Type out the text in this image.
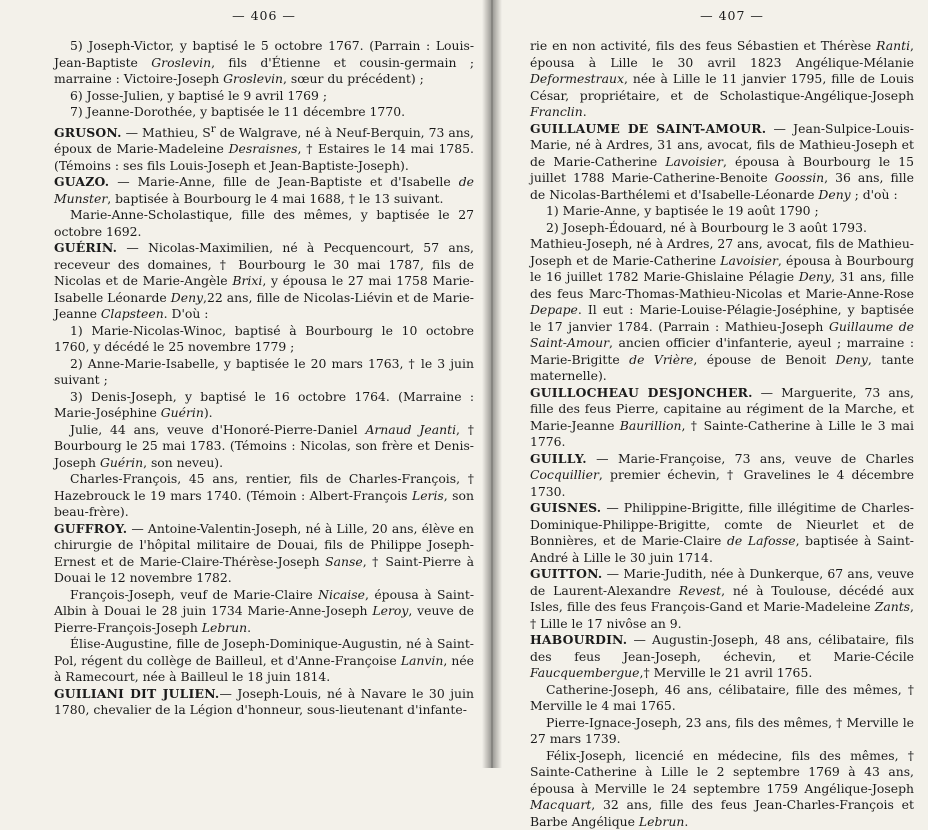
— 406 —

5) Joseph-Victor, y baptisé le 5 octobre 1767. (Parrain : Louis-Jean-Baptiste Groslevin, fils d'Étienne et cousin-germain ; marraine : Victoire-Joseph Groslevin, sœur du précédent) ;

6) Josse-Julien, y baptisé le 9 avril 1769 ;

7) Jeanne-Dorothée, y baptisée le 11 décembre 1770.

GRUSON. — Mathieu, $S^r$ de Walgrave, né à Neuf-Berquin, 73 ans, époux de Marie-Madeleine Desraisnes, † Estaires le 14 mai 1785. (Témoins : ses fils Louis-Joseph et Jean-Baptiste-Joseph).

GUAZO. — Marie-Anne, fille de Jean-Baptiste et d'Isabelle de Munster, baptisée à Bourbourg le 4 mai 1688, † le 13 suivant.

Marie-Anne-Scholastique, fille des mêmes, y baptisée le 27 octobre 1692.

GUÉRIN. — Nicolas-Maximilien, né à Pecquencourt, 57 ans, receveur des domaines, † Bourbourg le 30 mai 1787, fils de Nicolas et de Marie-Angèle Brixi, y épousa le 27 mai 1758 Marie-Isabelle Léonarde Deny,22 ans, fille de Nicolas-Liévin et de Marie-Jeanne Clapsteen. D'où :

1) Marie-Nicolas-Winoc, baptisé à Bourbourg le 10 octobre 1760, y décédé le 25 novembre 1779 ;

2) Anne-Marie-Isabelle, y baptisée le 20 mars 1763, † le 3 juin suivant ;

3) Denis-Joseph, y baptisé le 16 octobre 1764. (Marraine : Marie-Joséphine Guérin).

Julie, 44 ans, veuve d'Honoré-Pierre-Daniel Arnaud Jeanti, † Bourbourg le 25 mai 1783. (Témoins : Nicolas, son frère et Denis-Joseph Guérin, son neveu).

Charles-François, 45 ans, rentier, fils de Charles-François, † Hazebrouck le 19 mars 1740. (Témoin : Albert-François Leris, son beau-frère).

GUFFROY. — Antoine-Valentin-Joseph, né à Lille, 20 ans, élève en chirurgie de l'hôpital militaire de Douai, fils de Philippe Joseph-Ernest et de Marie-Claire-Thérèse-Joseph Sanse, † Saint-Pierre à Douai le 12 novembre 1782.

François-Joseph, veuf de Marie-Claire Nicaise, épousa à Saint-Albin à Douai le 28 juin 1734 Marie-Anne-Joseph Leroy, veuve de Pierre-François-Joseph Lebrun.

Élise-Augustine, fille de Joseph-Dominique-Augustin, né à Saint-Pol, régent du collège de Bailleul, et d'Anne-Françoise Lanvin, née à Ramecourt, née à Bailleul le 18 juin 1814.

GUILIANI DIT JULIEN.— Joseph-Louis, né à Navare le 30 juin 1780, chevalier de la Légion d'honneur, sous-lieutenant d'infante-

— 407 —

rie en non activité, fils des feus Sébastien et Thérèse Ranti, épousa à Lille le 30 avril 1823 Angélique-Mélanie Deformestraux, née à Lille le 11 janvier 1795, fille de Louis César, propriétaire, et de Scholastique-Angélique-Joseph Franclin.

GUILLAUME DE SAINT-AMOUR. — Jean-Sulpice-Louis-Marie, né à Ardres, 31 ans, avocat, fils de Mathieu-Joseph et de Marie-Catherine Lavoisier, épousa à Bourbourg le 15 juillet 1788 Marie-Catherine-Benoite Goossin, 36 ans, fille de Nicolas-Barthélemi et d'Isabelle-Léonarde Deny ; d'où :

1) Marie-Anne, y baptisée le 19 août 1790 ;

2) Joseph-Édouard, né à Bourbourg le 3 août 1793.

Mathieu-Joseph, né à Ardres, 27 ans, avocat, fils de Mathieu-Joseph et de Marie-Catherine Lavoisier, épousa à Bourbourg le 16 juillet 1782 Marie-Ghislaine Pélagie Deny, 31 ans, fille des feus Marc-Thomas-Mathieu-Nicolas et Marie-Anne-Rose Depape. Il eut : Marie-Louise-Pélagie-Joséphine, y baptisée le 17 janvier 1784. (Parrain : Mathieu-Joseph Guillaume de Saint-Amour, ancien officier d'infanterie, ayeul ; marraine : Marie-Brigitte de Vrière, épouse de Benoit Deny, tante maternelle).

GUILLOCHEAU DESJONCHER. — Marguerite, 73 ans, fille des feus Pierre, capitaine au régiment de la Marche, et Marie-Jeanne Baurillion, † Sainte-Catherine à Lille le 3 mai 1776.

GUILLY. — Marie-Françoise, 73 ans, veuve de Charles Cocquillier, premier échevin, † Gravelines le 4 décembre 1730.

GUISNES. — Philippine-Brigitte, fille illégitime de Charles-Dominique-Philippe-Brigitte, comte de Nieurlet et de Bonnières, et de Marie-Claire de Lafosse, baptisée à Saint-André à Lille le 30 juin 1714.

GUITTON. — Marie-Judith, née à Dunkerque, 67 ans, veuve de Laurent-Alexandre Revest, né à Toulouse, décédé aux Isles, fille des feus François-Gand et Marie-Madeleine Zants, † Lille le 17 nivôse an 9.

HABOURDIN. — Augustin-Joseph, 48 ans, célibataire, fils des feus Jean-Joseph, échevin, et Marie-Cécile Faucquembergue,† Merville le 21 avril 1765.

Catherine-Joseph, 46 ans, célibataire, fille des mêmes, † Merville le 4 mai 1765.

Pierre-Ignace-Joseph, 23 ans, fils des mêmes, † Merville le 27 mars 1739.

Félix-Joseph, licencié en médecine, fils des mêmes, † Sainte-Catherine à Lille le 2 septembre 1769 à 43 ans, épousa à Merville le 24 septembre 1759 Angélique-Joseph Macquart, 32 ans, fille des feus Jean-Charles-François et Barbe Angélique Lebrun.
